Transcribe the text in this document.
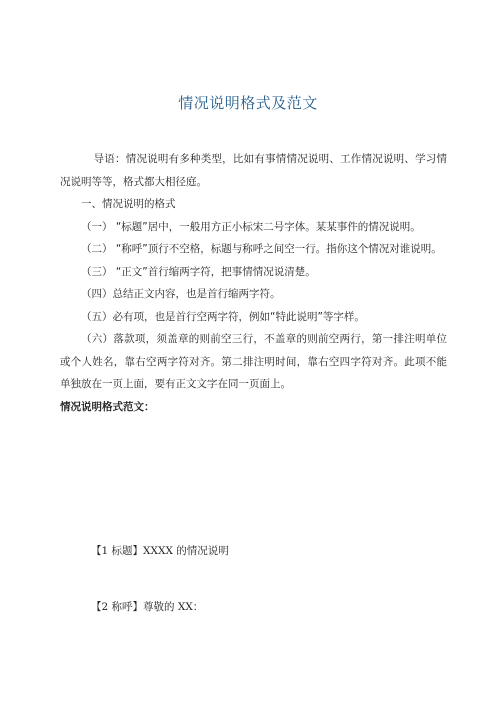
情况说明格式及范文

导语：情况说明有多种类型，比如有事情情况说明、工作情况说明、学习情况说明等等，格式都大相径庭。

一、情况说明的格式

（一） “标题”居中，一般用方正小标宋二号字体。某某事件的情况说明。

（二） “称呼”顶行不空格，标题与称呼之间空一行。指你这个情况对谁说明。

（三） “正文”首行缩两字符，把事情情况说清楚。

（四）总结正文内容，也是首行缩两字符。

（五）必有项，也是首行空两字符，例如“特此说明”等字样。

（六）落款项，须盖章的则前空三行，不盖章的则前空两行，第一排注明单位或个人姓名，靠右空两字符对齐。第二排注明时间，靠右空四字符对齐。此项不能单独放在一页上面，要有正文文字在同一页面上。

情况说明格式范文：

【1 标题】XXXX 的情况说明
【2 称呼】尊敬的 XX：
